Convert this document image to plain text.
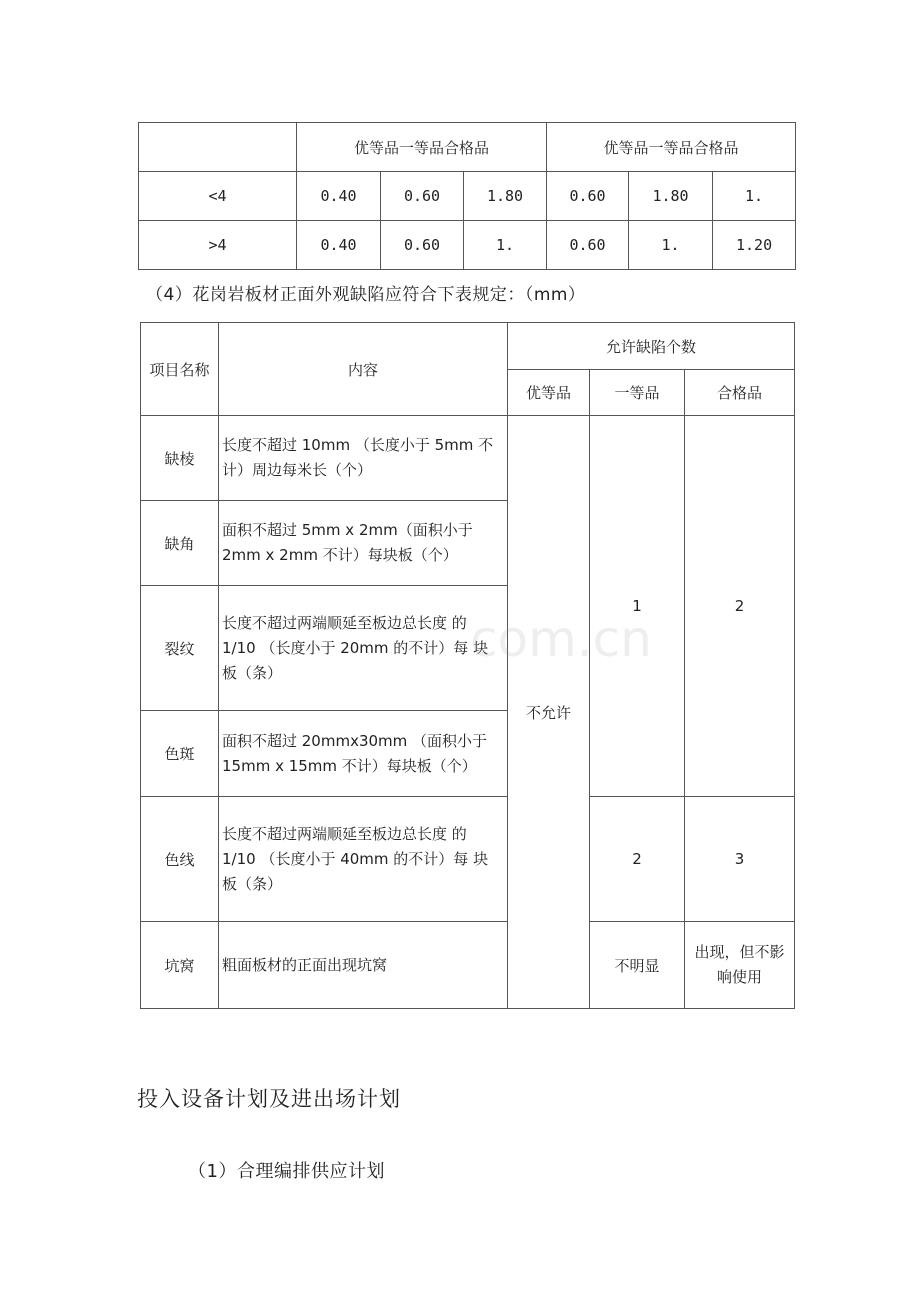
	优等品一等品合格品			优等品一等品合格品		
<4	0.40	0.60	1.80	0.60	1.80	1.
>4	0.40	0.60	1.	0.60	1.	1.20
（4）花岗岩板材正面外观缺陷应符合下表规定：（mm）
项目名称	内容	允许缺陷个数		
		优等品	一等品	合格品
缺棱	长度不超过 10mm （长度小于 5mm 不计）周边每米长（个）	不允许	1	2
缺角	面积不超过 5mm x 2mm（面积小于 2mm x 2mm 不计）每块板（个）			
裂纹	长度不超过两端顺延至板边总长度 的 1/10 （长度小于 20mm 的不计）每 块板（条）			
色斑	面积不超过 20mmx30mm （面积小于 15mm x 15mm 不计）每块板（个）			
色线	长度不超过两端顺延至板边总长度 的 1/10 （长度小于 40mm 的不计）每 块板（条）		2	3
坑窝	粗面板材的正面出现坑窝		不明显	出现，但不影响使用
com.cn
投入设备计划及进出场计划
（1）合理编排供应计划
